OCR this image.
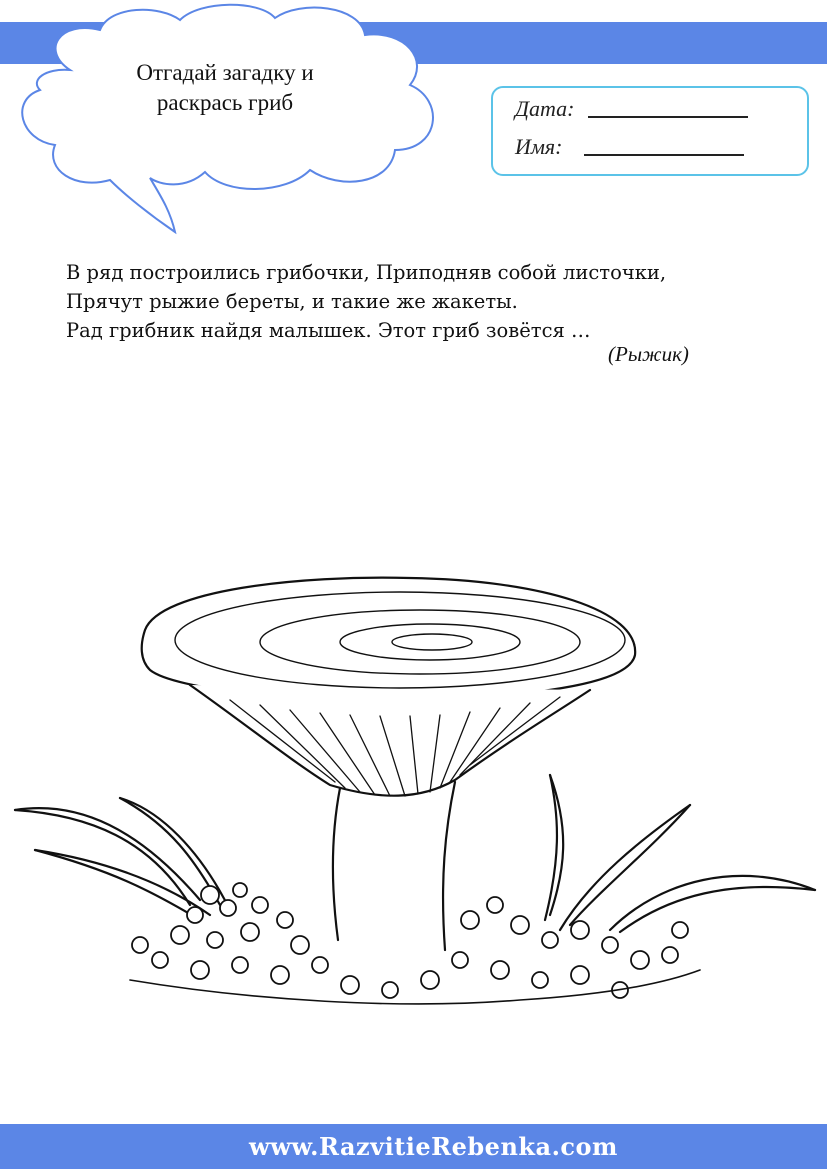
Отгадай загадку и
раскрась гриб	Дата:
Имя:
В ряд построились грибочки, Приподняв собой листочки,
Прячут рыжие береты, и такие же жакеты.
Рад грибник найдя малышек. Этот гриб зовётся …
(Рыжик)
www.RazvitieRebenka.com
